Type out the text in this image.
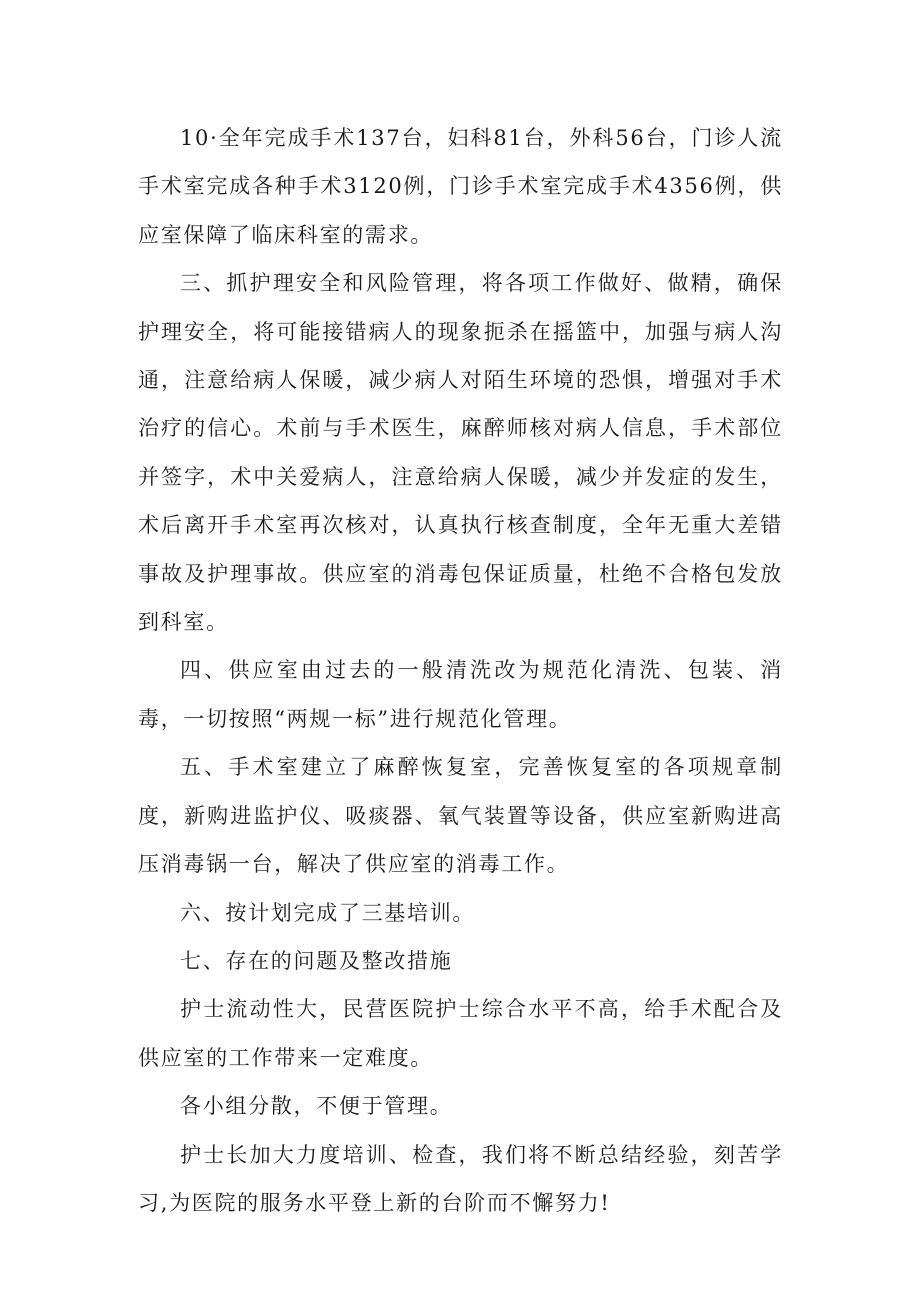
10·全年完成手术137台，妇科81台，外科56台，门诊人流手术室完成各种手术3120例，门诊手术室完成手术4356例，供应室保障了临床科室的需求。

三、抓护理安全和风险管理，将各项工作做好、做精，确保护理安全，将可能接错病人的现象扼杀在摇篮中，加强与病人沟通，注意给病人保暖，减少病人对陌生环境的恐惧，增强对手术治疗的信心。术前与手术医生，麻醉师核对病人信息，手术部位并签字，术中关爱病人，注意给病人保暖，减少并发症的发生，术后离开手术室再次核对，认真执行核查制度，全年无重大差错事故及护理事故。供应室的消毒包保证质量，杜绝不合格包发放到科室。

四、供应室由过去的一般清洗改为规范化清洗、包装、消毒，一切按照“两规一标”进行规范化管理。

五、手术室建立了麻醉恢复室，完善恢复室的各项规章制度，新购进监护仪、吸痰器、氧气装置等设备，供应室新购进高压消毒锅一台，解决了供应室的消毒工作。

六、按计划完成了三基培训。

七、存在的问题及整改措施

护士流动性大，民营医院护士综合水平不高，给手术配合及供应室的工作带来一定难度。

各小组分散，不便于管理。

护士长加大力度培训、检查，我们将不断总结经验，刻苦学习,为医院的服务水平登上新的台阶而不懈努力!
